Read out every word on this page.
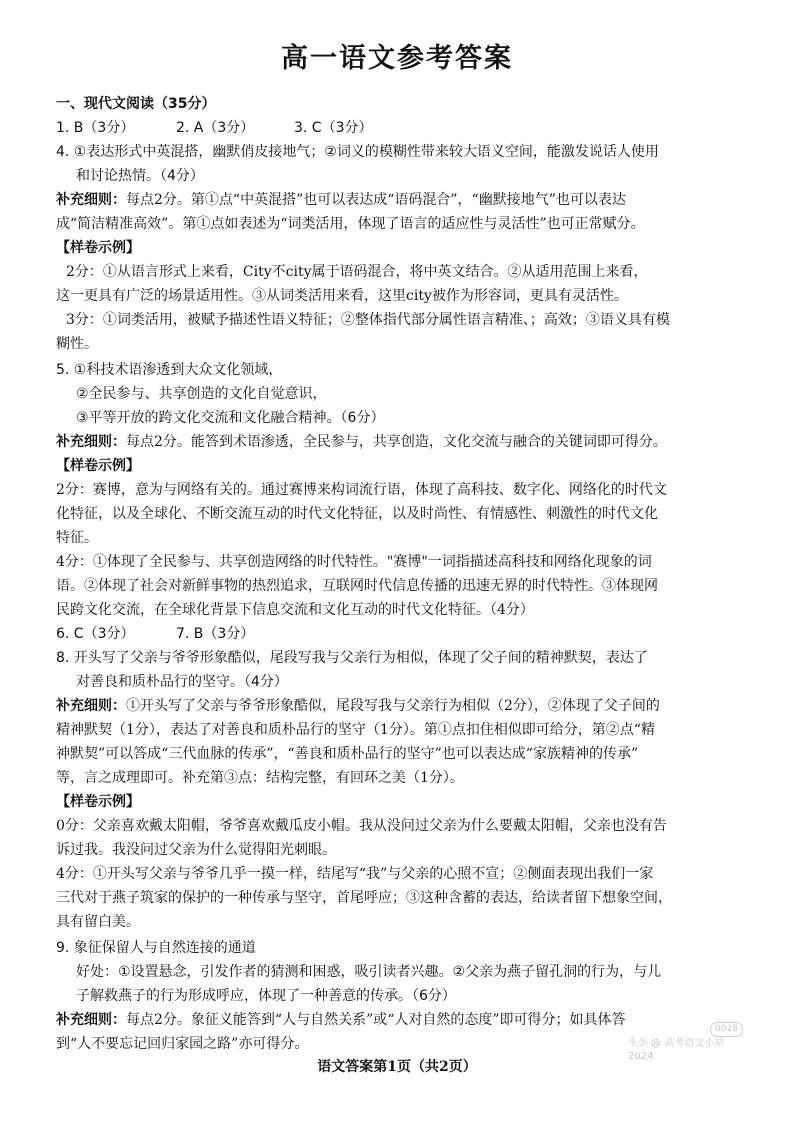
高一语文参考答案
一、现代文阅读（35分）
1. B（3分）	2. A（3分）	3. C（3分）
4. ①表达形式中英混搭，幽默俏皮接地气；②词义的模糊性带来较大语义空间，能激发说话人使用
和讨论热情。（4分）
补充细则：每点2分。第①点“中英混搭”也可以表达成“语码混合”，“幽默接地气”也可以表达
成“简洁精准高效”。第①点如表述为“词类活用，体现了语言的适应性与灵活性”也可正常赋分。
【样卷示例】
2分：①从语言形式上来看，City不city属于语码混合，将中英文结合。②从适用范围上来看，
这一更具有广泛的场景适用性。③从词类活用来看，这里city被作为形容词，更具有灵活性。
3分：①词类活用，被赋予描述性语义特征；②整体指代部分属性语言精准、；高效；③语义具有模
糊性。
5. ①科技术语渗透到大众文化领域，
②全民参与、共享创造的文化自觉意识，
③平等开放的跨文化交流和文化融合精神。（6分）
补充细则：每点2分。能答到术语渗透，全民参与，共享创造，文化交流与融合的关键词即可得分。
【样卷示例】
2分：赛博，意为与网络有关的。通过赛博来构词流行语，体现了高科技、数字化、网络化的时代文
化特征，以及全球化、不断交流互动的时代文化特征，以及时尚性、有情感性、刺激性的时代文化
特征。
4分：①体现了全民参与、共享创造网络的时代特性。"赛博"一词指描述高科技和网络化现象的词
语。②体现了社会对新鲜事物的热烈追求，互联网时代信息传播的迅速无界的时代特性。③体现网
民跨文化交流，在全球化背景下信息交流和文化互动的时代文化特征。（4分）
6. C（3分）	7. B（3分）
8. 开头写了父亲与爷爷形象酷似，尾段写我与父亲行为相似，体现了父子间的精神默契，表达了
对善良和质朴品行的坚守。（4分）
补充细则：①开头写了父亲与爷爷形象酷似，尾段写我与父亲行为相似（2分），②体现了父子间的
精神默契（1分），表达了对善良和质朴品行的坚守（1分）。第①点扣住相似即可给分，第②点“精
神默契”可以答成“三代血脉的传承”，“善良和质朴品行的坚守”也可以表达成“家族精神的传承”
等，言之成理即可。补充第③点：结构完整，有回环之美（1分）。
【样卷示例】
0分：父亲喜欢戴太阳帽，爷爷喜欢戴瓜皮小帽。我从没问过父亲为什么要戴太阳帽，父亲也没有告
诉过我。我没问过父亲为什么觉得阳光刺眼。
4分：①开头写父亲与爷爷几乎一摸一样，结尾写“我”与父亲的心照不宣；②侧面表现出我们一家
三代对于燕子筑家的保护的一种传承与坚守，首尾呼应；③这种含蓄的表达，给读者留下想象空间，
具有留白美。
9. 象征保留人与自然连接的通道
好处：①设置悬念，引发作者的猜测和困惑，吸引读者兴趣。②父亲为燕子留孔洞的行为，与儿
子解救燕子的行为形成呼应，体现了一种善意的传承。（6分）
补充细则：每点2分。象征义能答到“人与自然关系”或“人对自然的态度”即可得分；如具体答
到“人不要忘记回归家园之路”亦可得分。
0028
头条 @ 高考语文小站 2024
语文答案第1页（共2页）
